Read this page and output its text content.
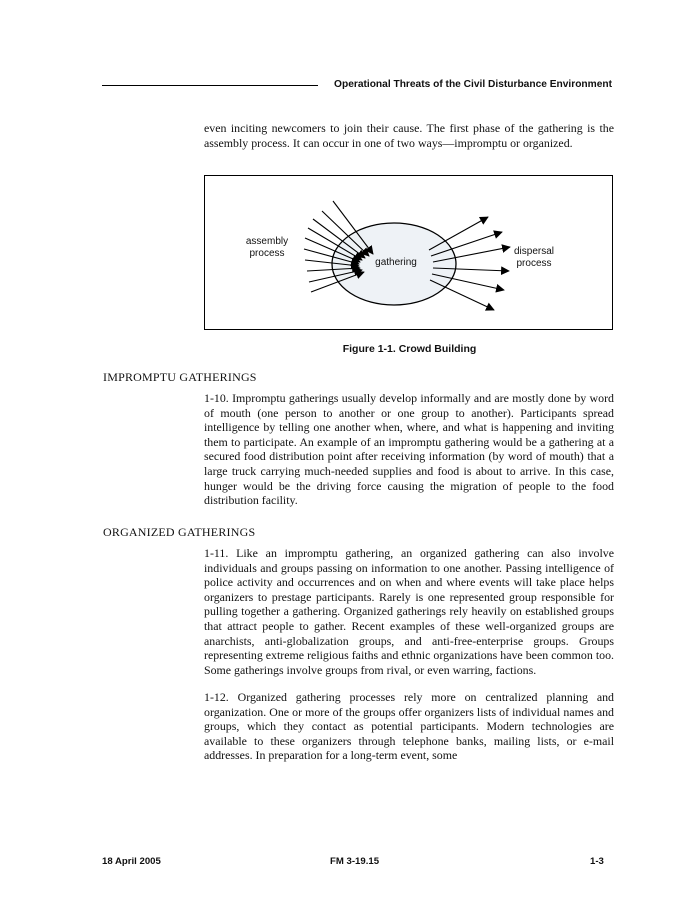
Operational Threats of the Civil Disturbance Environment

even inciting newcomers to join their cause. The first phase of the gathering is the assembly process. It can occur in one of two ways—impromptu or organized.

assembly
process
gathering
dispersal
process
Figure 1-1. Crowd Building
IMPROMPTU GATHERINGS

1-10. Impromptu gatherings usually develop informally and are mostly done by word of mouth (one person to another or one group to another). Participants spread intelligence by telling one another when, where, and what is happening and inviting them to participate. An example of an impromptu gathering would be a gathering at a secured food distribution point after receiving information (by word of mouth) that a large truck carrying much-needed supplies and food is about to arrive. In this case, hunger would be the driving force causing the migration of people to the food distribution facility.

ORGANIZED GATHERINGS

1-11. Like an impromptu gathering, an organized gathering can also involve individuals and groups passing on information to one another. Passing intelligence of police activity and occurrences and on when and where events will take place helps organizers to prestage participants. Rarely is one represented group responsible for pulling together a gathering. Organized gatherings rely heavily on established groups that attract people to gather. Recent examples of these well-organized groups are anarchists, anti-globalization groups, and anti-free-enterprise groups. Groups representing extreme religious faiths and ethnic organizations have been common too. Some gatherings involve groups from rival, or even warring, factions.

1-12. Organized gathering processes rely more on centralized planning and organization. One or more of the groups offer organizers lists of individual names and groups, which they contact as potential participants. Modern technologies are available to these organizers through telephone banks, mailing lists, or e-mail addresses. In preparation for a long-term event, some

18 April 2005	FM 3-19.15	1-3
